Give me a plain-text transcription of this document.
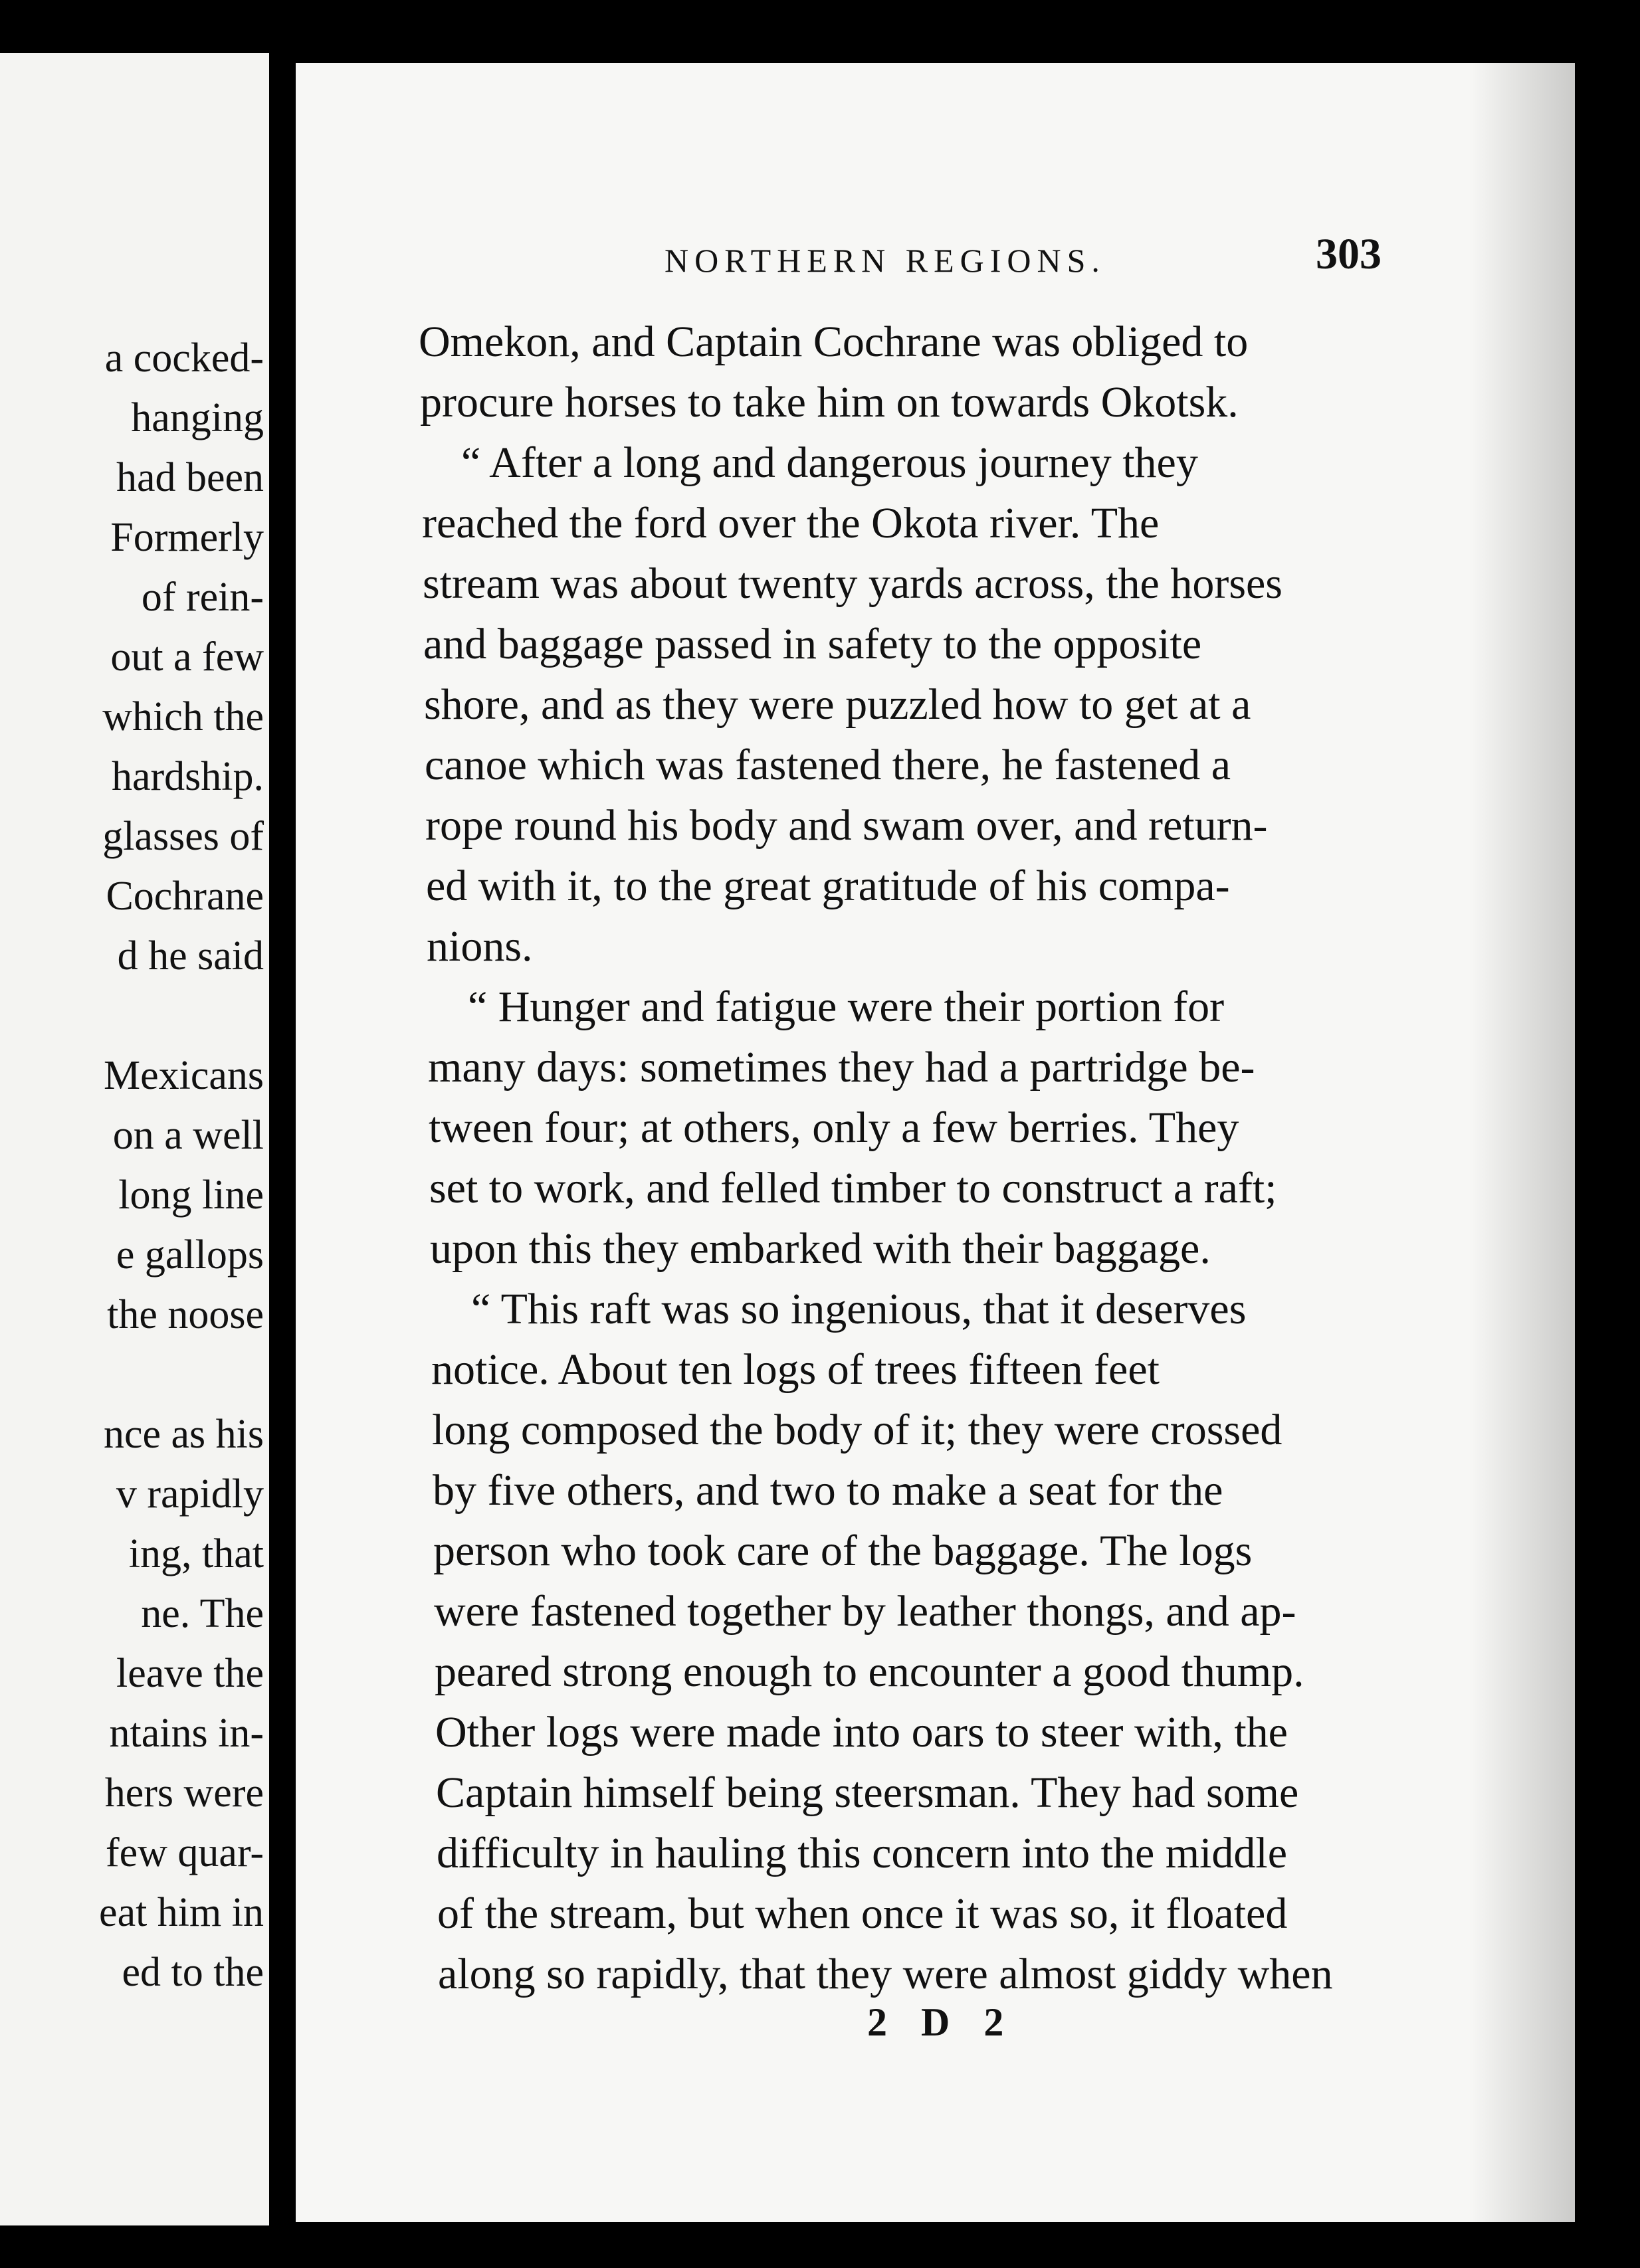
a cocked-
hanging
had been
Formerly
of rein-
out a few
which the
hardship.
glasses of
Cochrane
d he said
Mexicans
on a well
long line
e gallops
the noose
nce as his
v rapidly
ing, that
ne. The
leave the
ntains in-
hers were
few quar-
eat him in
ed to the
NORTHERN REGIONS.	303
Omekon, and Captain Cochrane was obliged to
procure horses to take him on towards Okotsk.
“ After a long and dangerous journey they
reached the ford over the Okota river. The
stream was about twenty yards across, the horses
and baggage passed in safety to the opposite
shore, and as they were puzzled how to get at a
canoe which was fastened there, he fastened a
rope round his body and swam over, and return-
ed with it, to the great gratitude of his compa-
nions.
“ Hunger and fatigue were their portion for
many days: sometimes they had a partridge be-
tween four; at others, only a few berries. They
set to work, and felled timber to construct a raft;
upon this they embarked with their baggage.
“ This raft was so ingenious, that it deserves
notice. About ten logs of trees fifteen feet
long composed the body of it; they were crossed
by five others, and two to make a seat for the
person who took care of the baggage. The logs
were fastened together by leather thongs, and ap-
peared strong enough to encounter a good thump.
Other logs were made into oars to steer with, the
Captain himself being steersman. They had some
difficulty in hauling this concern into the middle
of the stream, but when once it was so, it floated
along so rapidly, that they were almost giddy when
2 D 2
